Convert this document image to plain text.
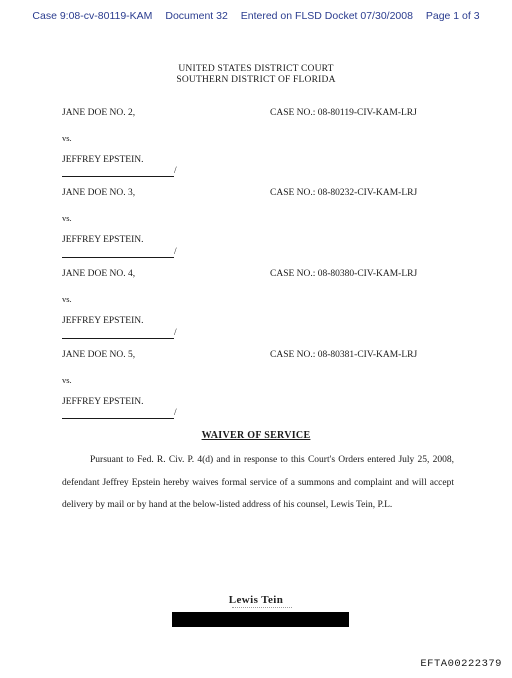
Case 9:08-cv-80119-KAM Document 32 Entered on FLSD Docket 07/30/2008 Page 1 of 3
UNITED STATES DISTRICT COURT
SOUTHERN DISTRICT OF FLORIDA
JANE DOE NO. 2,	CASE NO.: 08-80119-CIV-KAM-LRJ
vs.
JEFFREY EPSTEIN.
/
JANE DOE NO. 3,	CASE NO.: 08-80232-CIV-KAM-LRJ
vs.
JEFFREY EPSTEIN.
/
JANE DOE NO. 4,	CASE NO.: 08-80380-CIV-KAM-LRJ
vs.
JEFFREY EPSTEIN.
/
JANE DOE NO. 5,	CASE NO.: 08-80381-CIV-KAM-LRJ
vs.
JEFFREY EPSTEIN.
/
WAIVER OF SERVICE
Pursuant to Fed. R. Civ. P. 4(d) and in response to this Court's Orders entered July 25, 2008, defendant Jeffrey Epstein hereby waives formal service of a summons and complaint and will accept delivery by mail or by hand at the below-listed address of his counsel, Lewis Tein, P.L.
Lewis Tein
EFTA00222379
